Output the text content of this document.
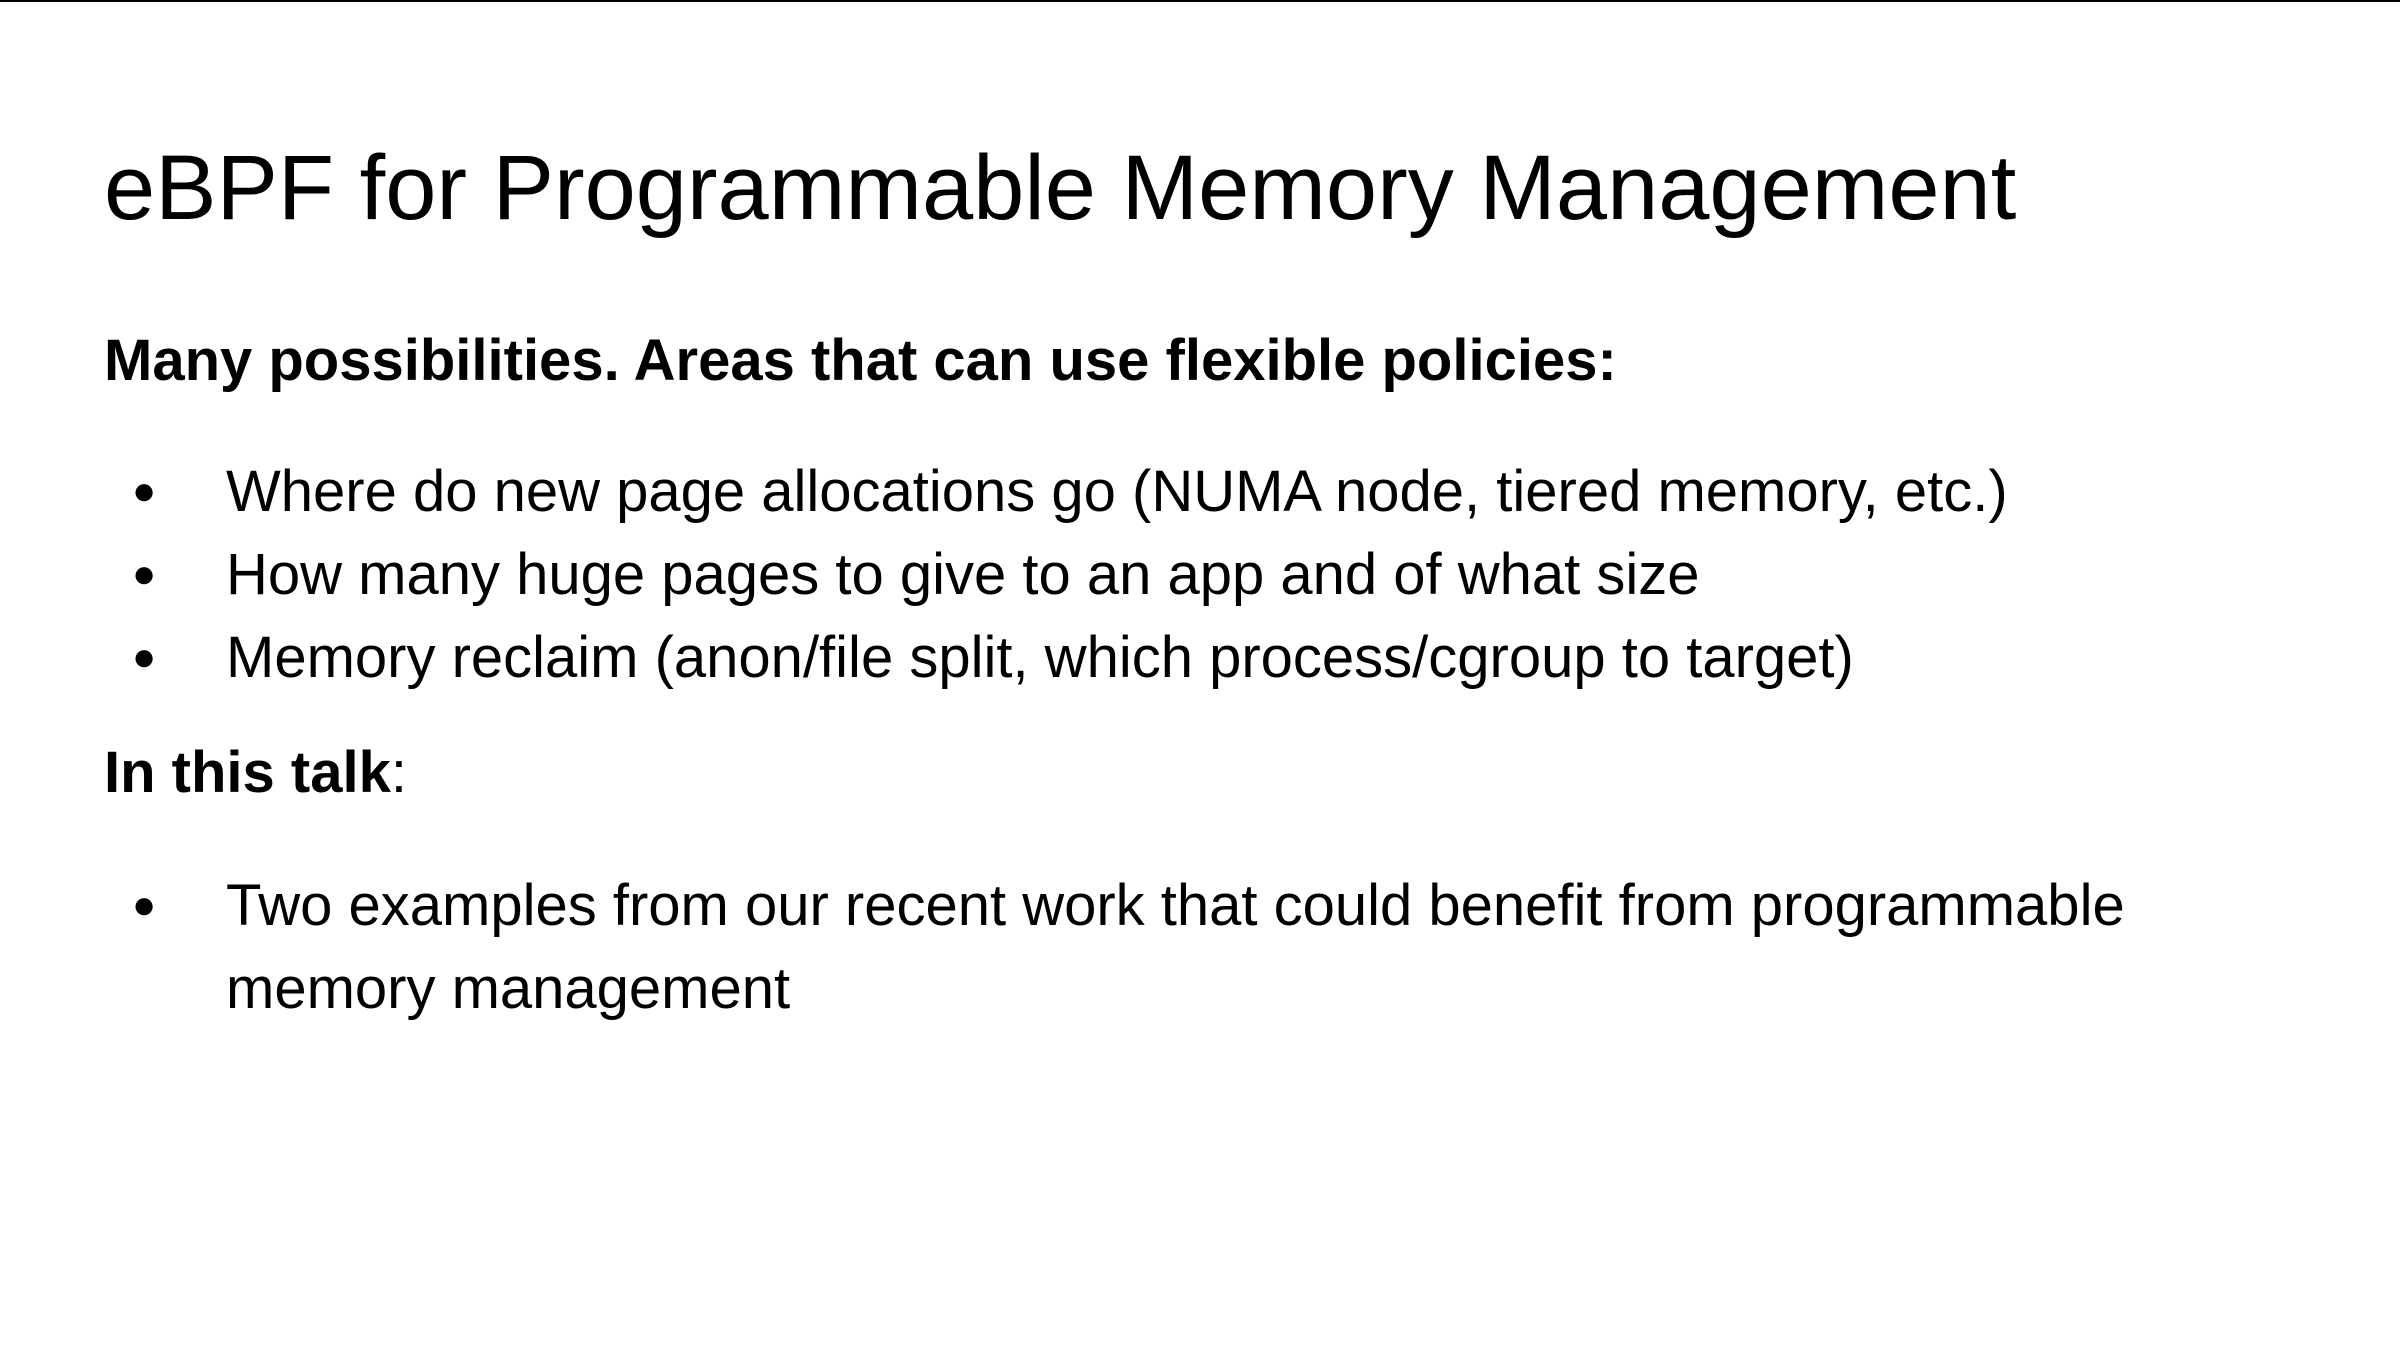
eBPF for Programmable Memory Management

Many possibilities. Areas that can use flexible policies:

● Where do new page allocations go (NUMA node, tiered memory, etc.)
● How many huge pages to give to an app and of what size
● Memory reclaim (anon/file split, which process/cgroup to target)

In this talk:

● Two examples from our recent work that could benefit from programmable memory management
